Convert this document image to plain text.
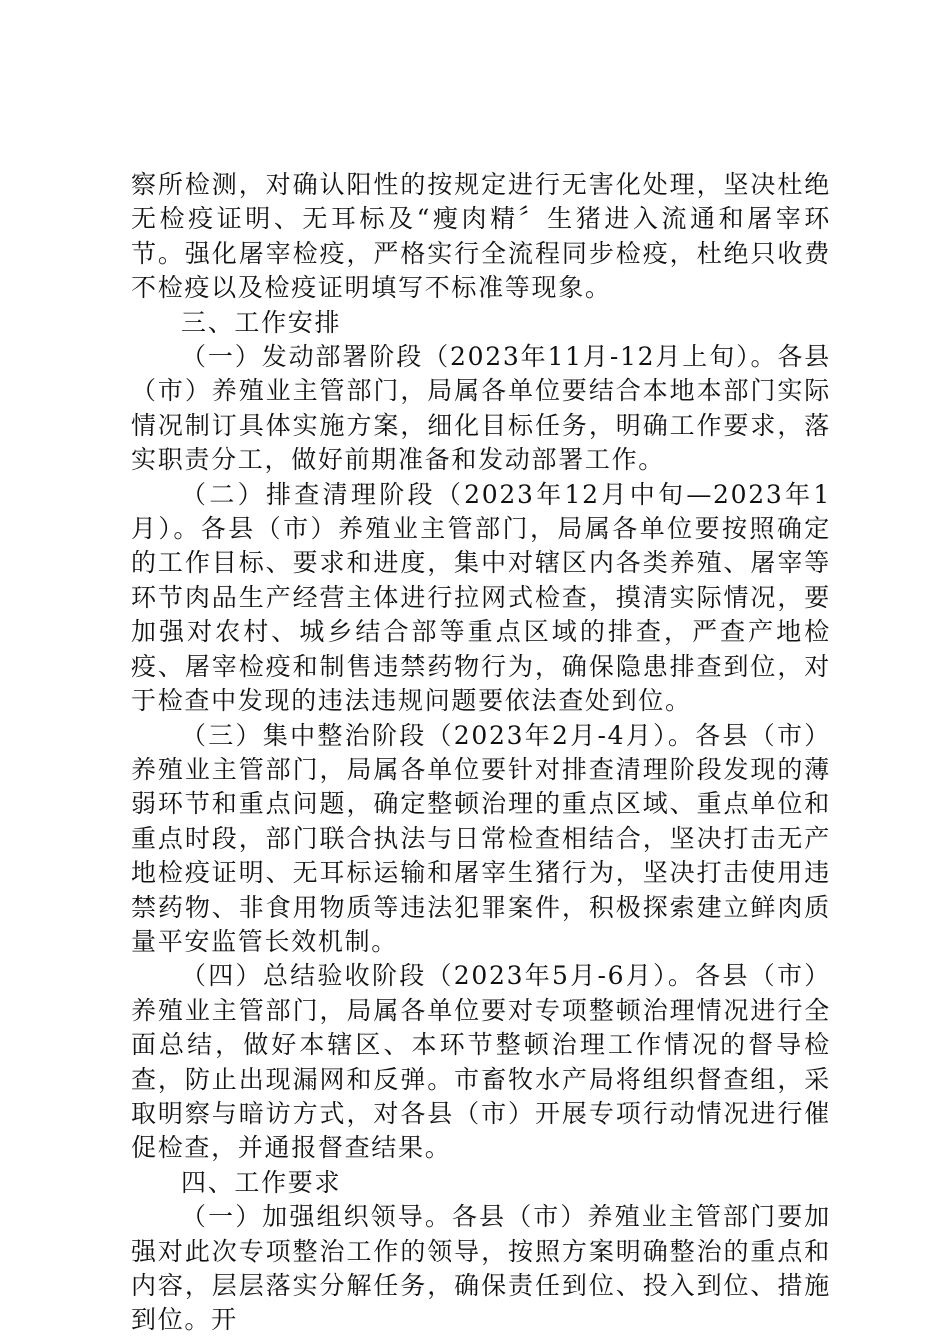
察所检测，对确认阳性的按规定进行无害化处理，坚决杜绝无检疫证明、无耳标及“瘦肉精〞生猪进入流通和屠宰环节。强化屠宰检疫，严格实行全流程同步检疫，杜绝只收费不检疫以及检疫证明填写不标准等现象。

三、工作安排

（一）发动部署阶段（2023年11月-12月上旬）。各县（市）养殖业主管部门，局属各单位要结合本地本部门实际情况制订具体实施方案，细化目标任务，明确工作要求，落实职责分工，做好前期准备和发动部署工作。

（二）排查清理阶段（2023年12月中旬—2023年1月）。各县（市）养殖业主管部门，局属各单位要按照确定的工作目标、要求和进度，集中对辖区内各类养殖、屠宰等环节肉品生产经营主体进行拉网式检查，摸清实际情况，要加强对农村、城乡结合部等重点区域的排查，严查产地检疫、屠宰检疫和制售违禁药物行为，确保隐患排查到位，对于检查中发现的违法违规问题要依法查处到位。

（三）集中整治阶段（2023年2月-4月）。各县（市）养殖业主管部门，局属各单位要针对排查清理阶段发现的薄弱环节和重点问题，确定整顿治理的重点区域、重点单位和重点时段，部门联合执法与日常检查相结合，坚决打击无产地检疫证明、无耳标运输和屠宰生猪行为，坚决打击使用违禁药物、非食用物质等违法犯罪案件，积极探索建立鲜肉质量平安监管长效机制。

（四）总结验收阶段（2023年5月-6月）。各县（市）养殖业主管部门，局属各单位要对专项整顿治理情况进行全面总结，做好本辖区、本环节整顿治理工作情况的督导检查，防止出现漏网和反弹。市畜牧水产局将组织督查组，采取明察与暗访方式，对各县（市）开展专项行动情况进行催促检查，并通报督查结果。

四、工作要求

（一）加强组织领导。各县（市）养殖业主管部门要加强对此次专项整治工作的领导，按照方案明确整治的重点和内容，层层落实分解任务，确保责任到位、投入到位、措施到位。开
